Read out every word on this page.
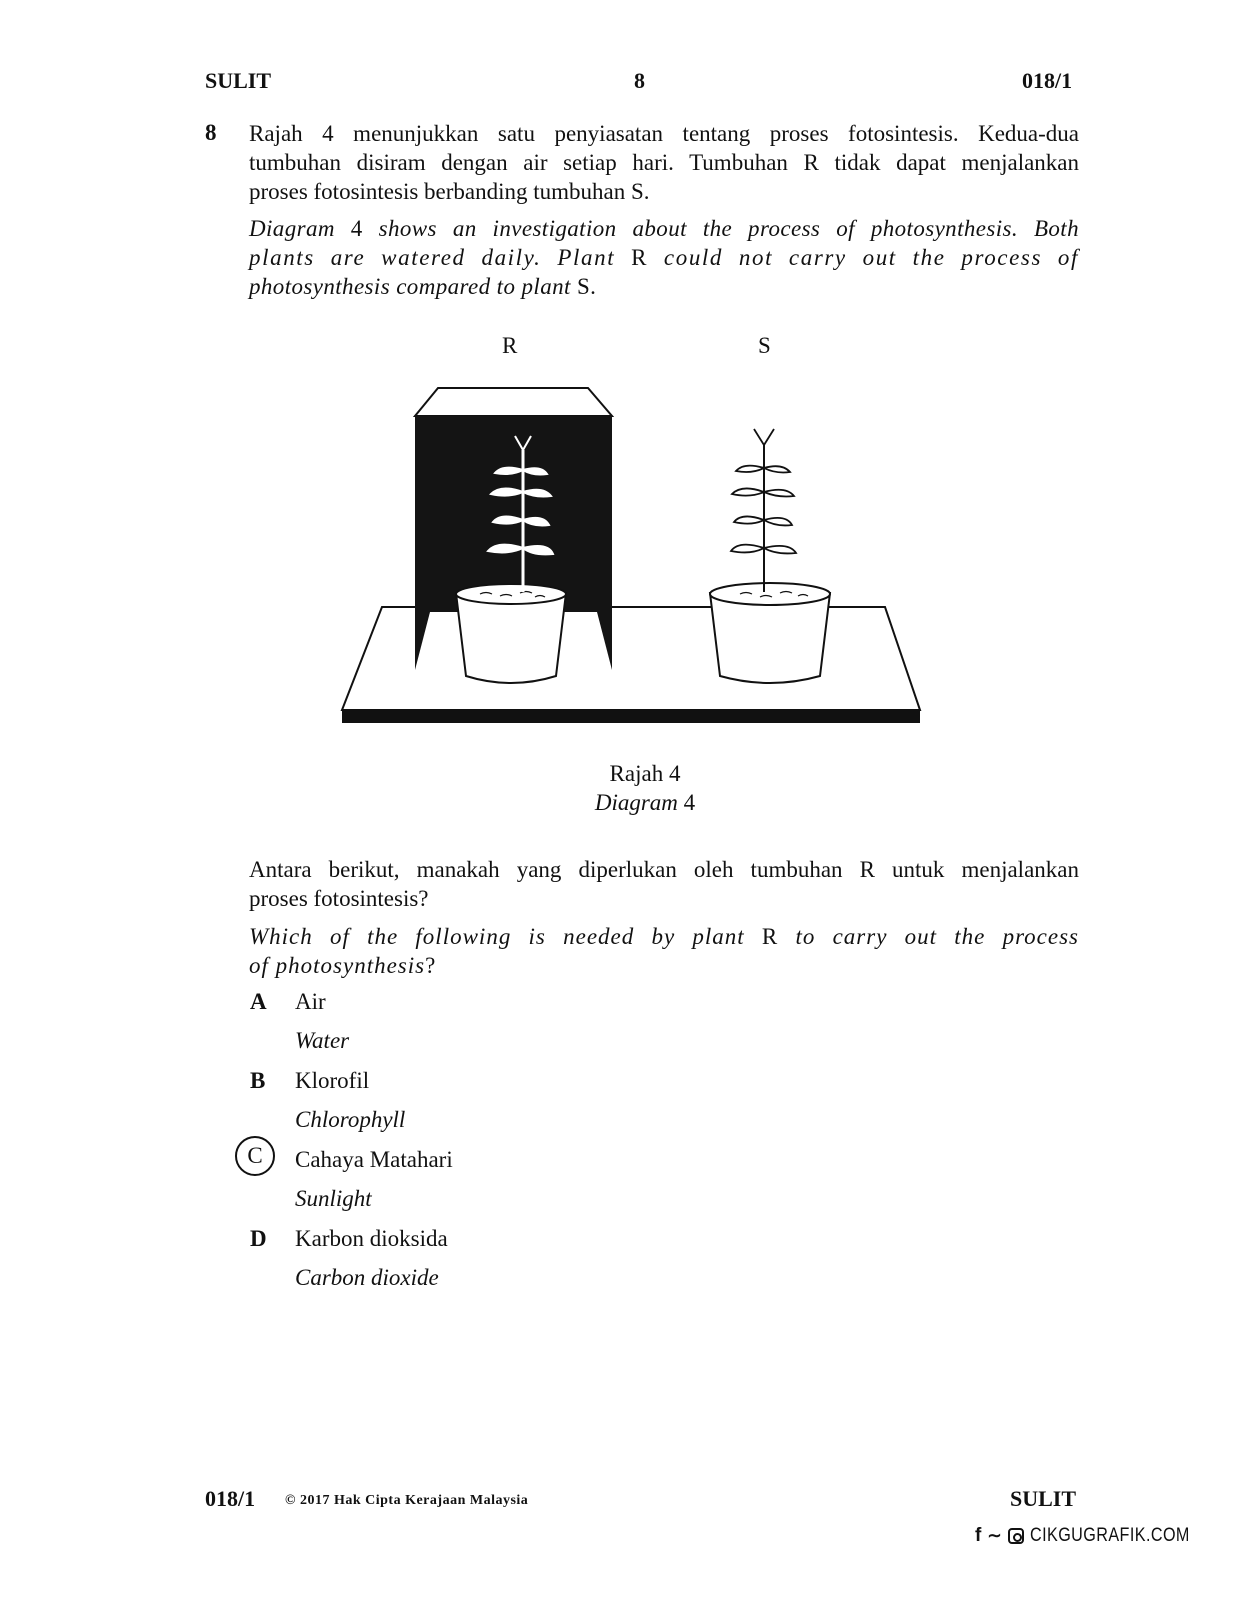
SULIT	8	018/1
8 Rajah 4 menunjukkan satu penyiasatan tentang proses fotosintesis. Kedua-dua
tumbuhan disiram dengan air setiap hari. Tumbuhan R tidak dapat menjalankan
proses fotosintesis berbanding tumbuhan S.
Diagram 4 shows an investigation about the process of photosynthesis. Both
plants are watered daily. Plant R could not carry out the process of
photosynthesis compared to plant S.
R	S
Rajah 4
Diagram 4
Antara berikut, manakah yang diperlukan oleh tumbuhan R untuk menjalankan
proses fotosintesis?
Which of the following is needed by plant R to carry out the process
of photosynthesis?
A Air
Water
B Klorofil
Chlorophyll
C Cahaya Matahari
Sunlight
D Karbon dioksida
Carbon dioxide
018/1 © 2017 Hak Cipta Kerajaan Malaysia	SULIT
f ∼ CIKGUGRAFIK.COM
